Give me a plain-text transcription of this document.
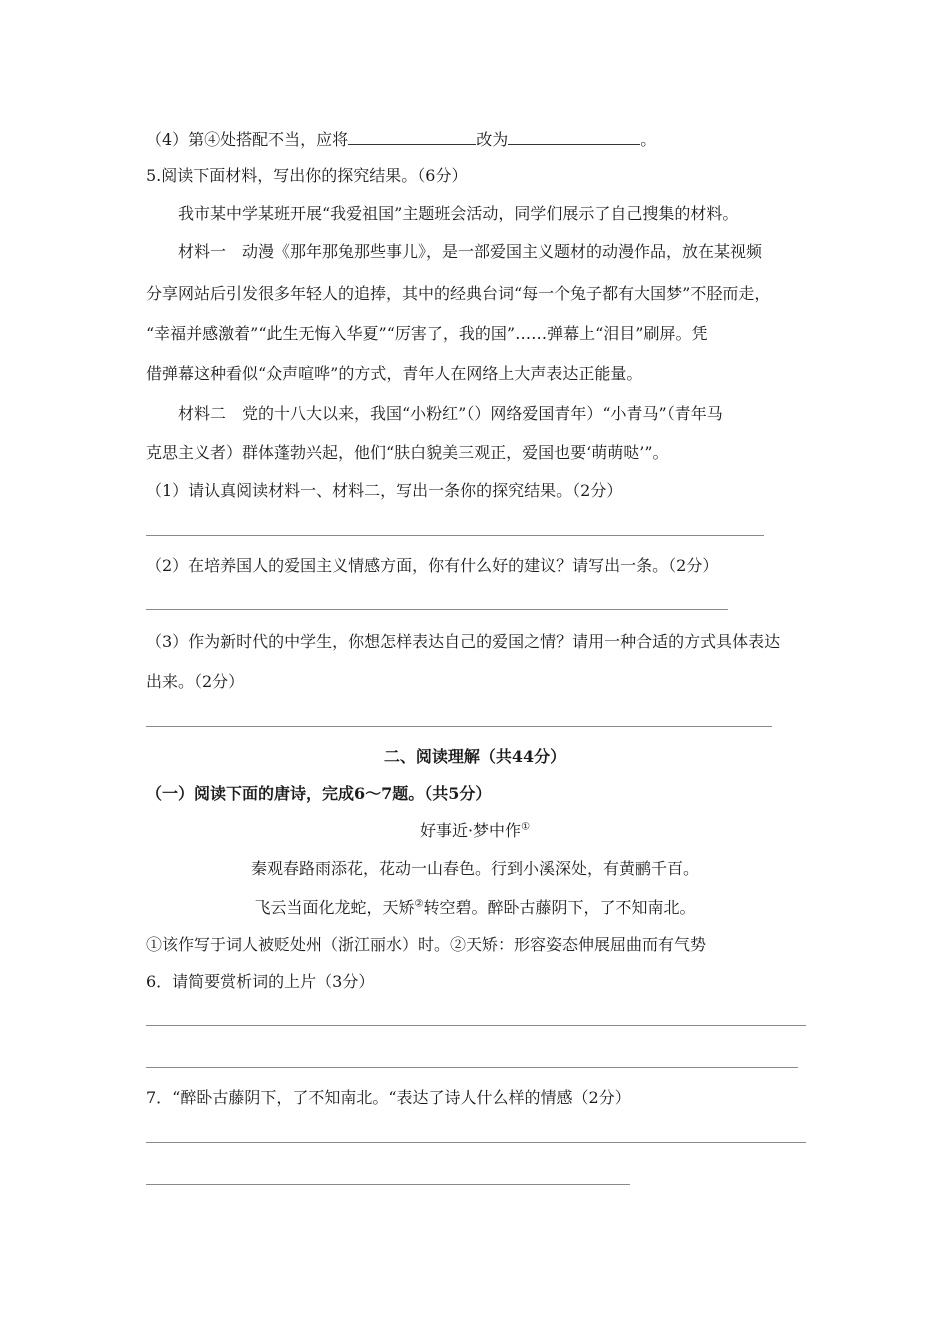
（4）第④处搭配不当，应将	改为	。
5.阅读下面材料，写出你的探究结果。（6分）
我市某中学某班开展“我爱祖国”主题班会活动，同学们展示了自己搜集的材料。
材料一　动漫《那年那兔那些事儿》，是一部爱国主义题材的动漫作品，放在某视频
分享网站后引发很多年轻人的追捧，其中的经典台词“每一个兔子都有大国梦”不胫而走，
“幸福并感激着”“此生无悔入华夏”“厉害了，我的国”……弹幕上“泪目”刷屏。凭
借弹幕这种看似“众声喧哗”的方式，青年人在网络上大声表达正能量。
材料二　党的十八大以来，我国“小粉红”（）网络爱国青年）“小青马”（青年马
克思主义者）群体蓬勃兴起，他们“肤白貌美三观正，爱国也要‘萌萌哒’”。
（1）请认真阅读材料一、材料二，写出一条你的探究结果。（2分）
（2）在培养国人的爱国主义情感方面，你有什么好的建议？请写出一条。（2分）
（3）作为新时代的中学生，你想怎样表达自己的爱国之情？请用一种合适的方式具体表达
出来。（2分）
二、阅读理解（共44分）
（一）阅读下面的唐诗，完成6～7题。（共5分）
好事近·梦中作①
秦观春路雨添花，花动一山春色。行到小溪深处，有黄鹂千百。
飞云当面化龙蛇，天矫②转空碧。醉卧古藤阴下，了不知南北。
①该作写于词人被贬处州（浙江丽水）时。②天矫：形容姿态伸展屈曲而有气势
6．请简要赏析词的上片（3分）
7．“醉卧古藤阴下，了不知南北。“表达了诗人什么样的情感（2分）
